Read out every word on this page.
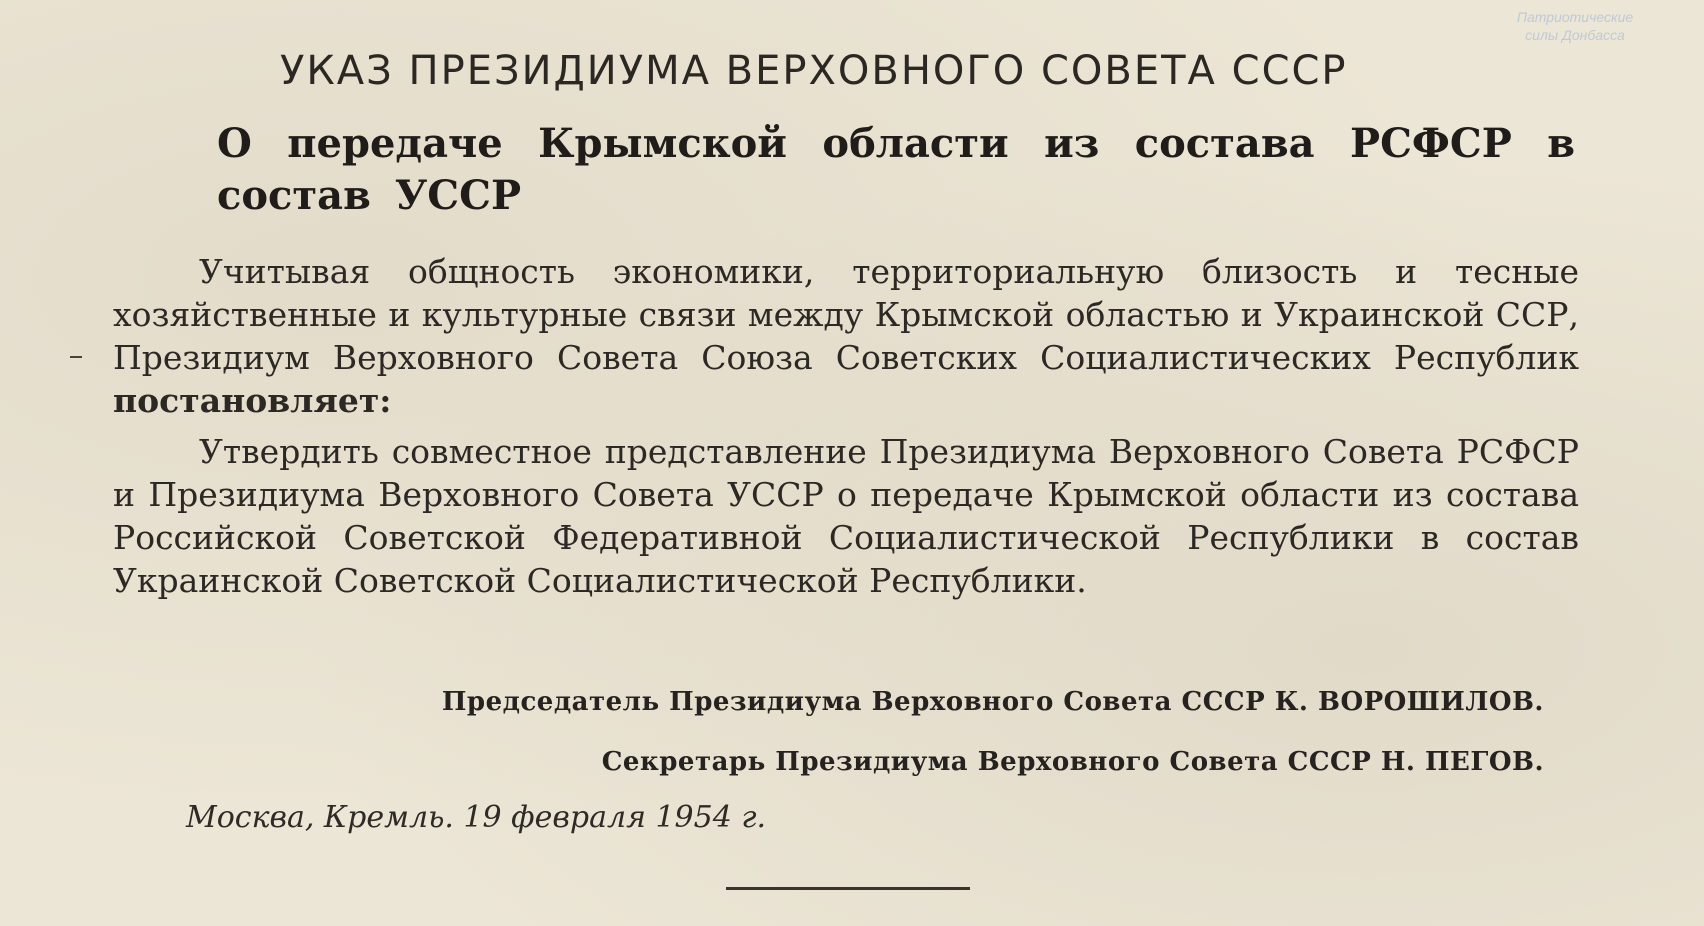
Патриотические
силы Донбасса
УКАЗ ПРЕЗИДИУМА ВЕРХОВНОГО СОВЕТА СССР
О передаче Крымской области из состава РСФСР в состав УССР
Учитывая общность экономики, территориальную близость и тесные хозяйственные и культурные связи между Крымской областью и Украинской ССР, Президиум Верховного Совета Союза Советских Социалистических Республик постановляет:
Утвердить совместное представление Президиума Верховного Совета РСФСР и Президиума Верховного Совета УССР о передаче Крымской области из состава Российской Советской Федеративной Социалистической Республики в состав Украинской Советской Социалистической Республики.
Председатель Президиума Верховного Совета СССР К. ВОРОШИЛОВ.
Секретарь Президиума Верховного Совета СССР Н. ПЕГОВ.
Москва, Кремль. 19 февраля 1954 г.
